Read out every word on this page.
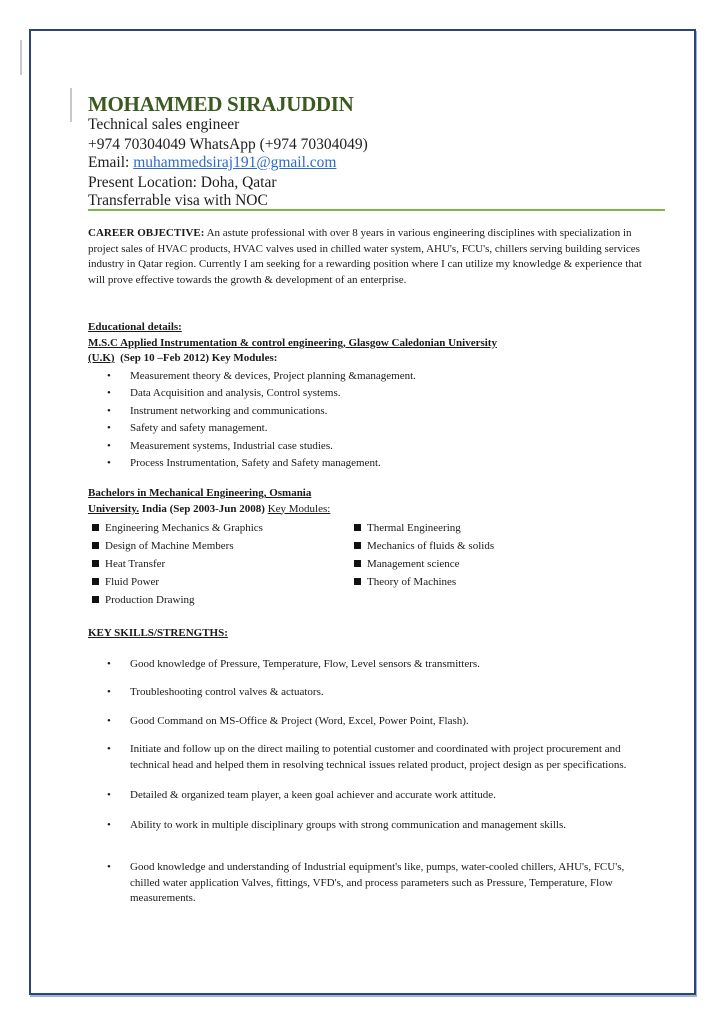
MOHAMMED SIRAJUDDIN
Technical sales engineer
+974 70304049 WhatsApp (+974 70304049)
Email: muhammedsiraj191@gmail.com
Present Location: Doha, Qatar
Transferrable visa with NOC
CAREER OBJECTIVE: An astute professional with over 8 years in various engineering disciplines with specialization in project sales of HVAC products, HVAC valves used in chilled water system, AHU's, FCU's, chillers serving building services industry in Qatar region. Currently I am seeking for a rewarding position where I can utilize my knowledge & experience that will prove effective towards the growth & development of an enterprise.
Educational details:
M.S.C Applied Instrumentation & control engineering, Glasgow Caledonian University
(U.K)  (Sep 10 –Feb 2012) Key Modules:
• Measurement theory & devices, Project planning &management.
• Data Acquisition and analysis, Control systems.
• Instrument networking and communications.
• Safety and safety management.
• Measurement systems, Industrial case studies.
• Process Instrumentation, Safety and Safety management.
Bachelors in Mechanical Engineering, Osmania
University. India (Sep 2003-Jun 2008) Key Modules:
Engineering Mechanics & Graphics
Design of Machine Members
Heat Transfer
Fluid Power
Production Drawing
Thermal Engineering
Mechanics of fluids & solids
Management science
Theory of Machines
KEY SKILLS/STRENGTHS:
•	Good knowledge of Pressure, Temperature, Flow, Level sensors & transmitters.
•	Troubleshooting control valves & actuators.
•	Good Command on MS-Office & Project (Word, Excel, Power Point, Flash).
•	Initiate and follow up on the direct mailing to potential customer and coordinated with project procurement and technical head and helped them in resolving technical issues related product, project design as per specifications.
•	Detailed & organized team player, a keen goal achiever and accurate work attitude.
•	Ability to work in multiple disciplinary groups with strong communication and management skills.
•	Good knowledge and understanding of Industrial equipment's like, pumps, water-cooled chillers, AHU's, FCU's, chilled water application Valves, fittings, VFD's, and process parameters such as Pressure, Temperature, Flow measurements.
